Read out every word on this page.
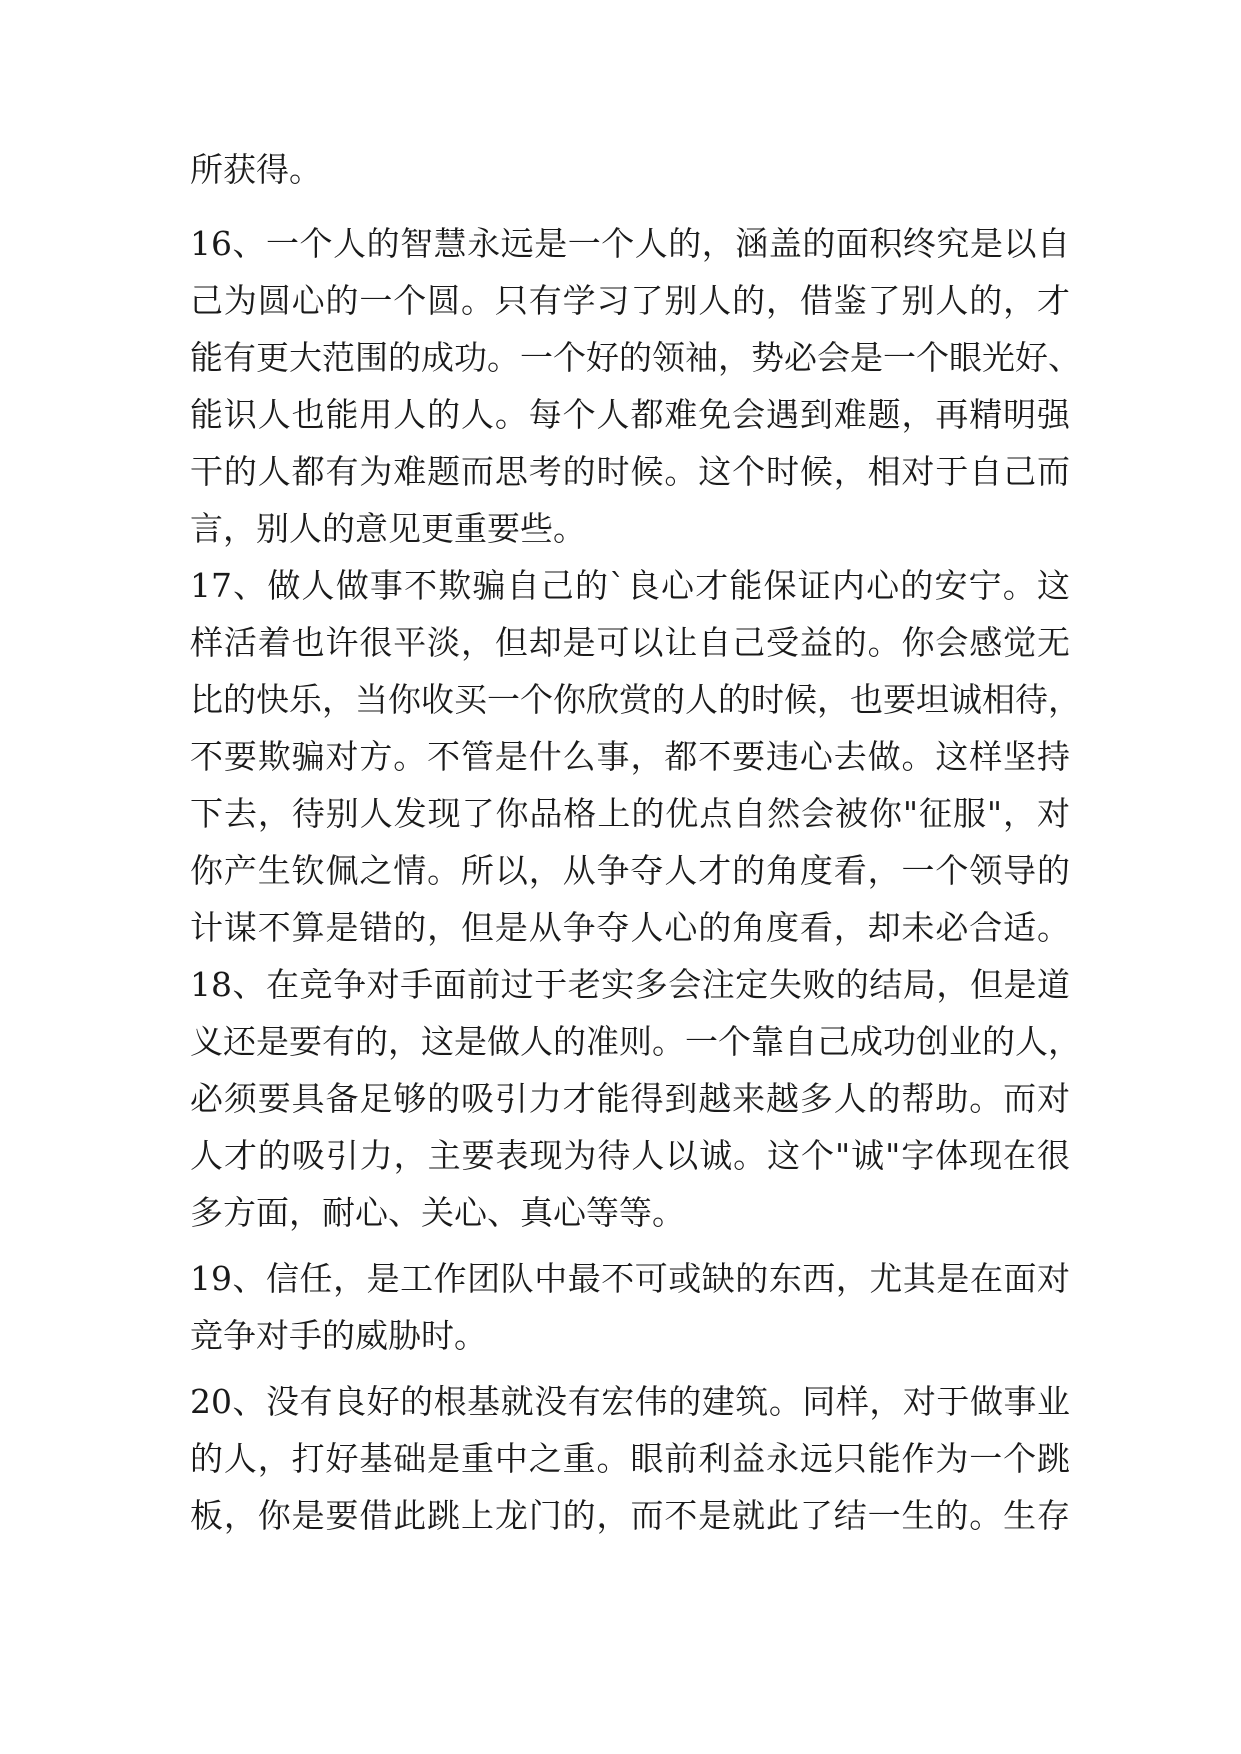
所获得。
16、一个人的智慧永远是一个人的，涵盖的面积终究是以自
己为圆心的一个圆。只有学习了别人的，借鉴了别人的，才
能有更大范围的成功。一个好的领袖，势必会是一个眼光好、
能识人也能用人的人。每个人都难免会遇到难题，再精明强
干的人都有为难题而思考的时候。这个时候，相对于自己而
言，别人的意见更重要些。
17、做人做事不欺骗自己的`良心才能保证内心的安宁。这
样活着也许很平淡，但却是可以让自己受益的。你会感觉无
比的快乐，当你收买一个你欣赏的人的时候，也要坦诚相待，
不要欺骗对方。不管是什么事，都不要违心去做。这样坚持
下去，待别人发现了你品格上的优点自然会被你"征服"，对
你产生钦佩之情。所以，从争夺人才的角度看，一个领导的
计谋不算是错的，但是从争夺人心的角度看，却未必合适。
18、在竞争对手面前过于老实多会注定失败的结局，但是道
义还是要有的，这是做人的准则。一个靠自己成功创业的人，
必须要具备足够的吸引力才能得到越来越多人的帮助。而对
人才的吸引力，主要表现为待人以诚。这个"诚"字体现在很
多方面，耐心、关心、真心等等。
19、信任，是工作团队中最不可或缺的东西，尤其是在面对
竞争对手的威胁时。
20、没有良好的根基就没有宏伟的建筑。同样，对于做事业
的人，打好基础是重中之重。眼前利益永远只能作为一个跳
板，你是要借此跳上龙门的，而不是就此了结一生的。生存
